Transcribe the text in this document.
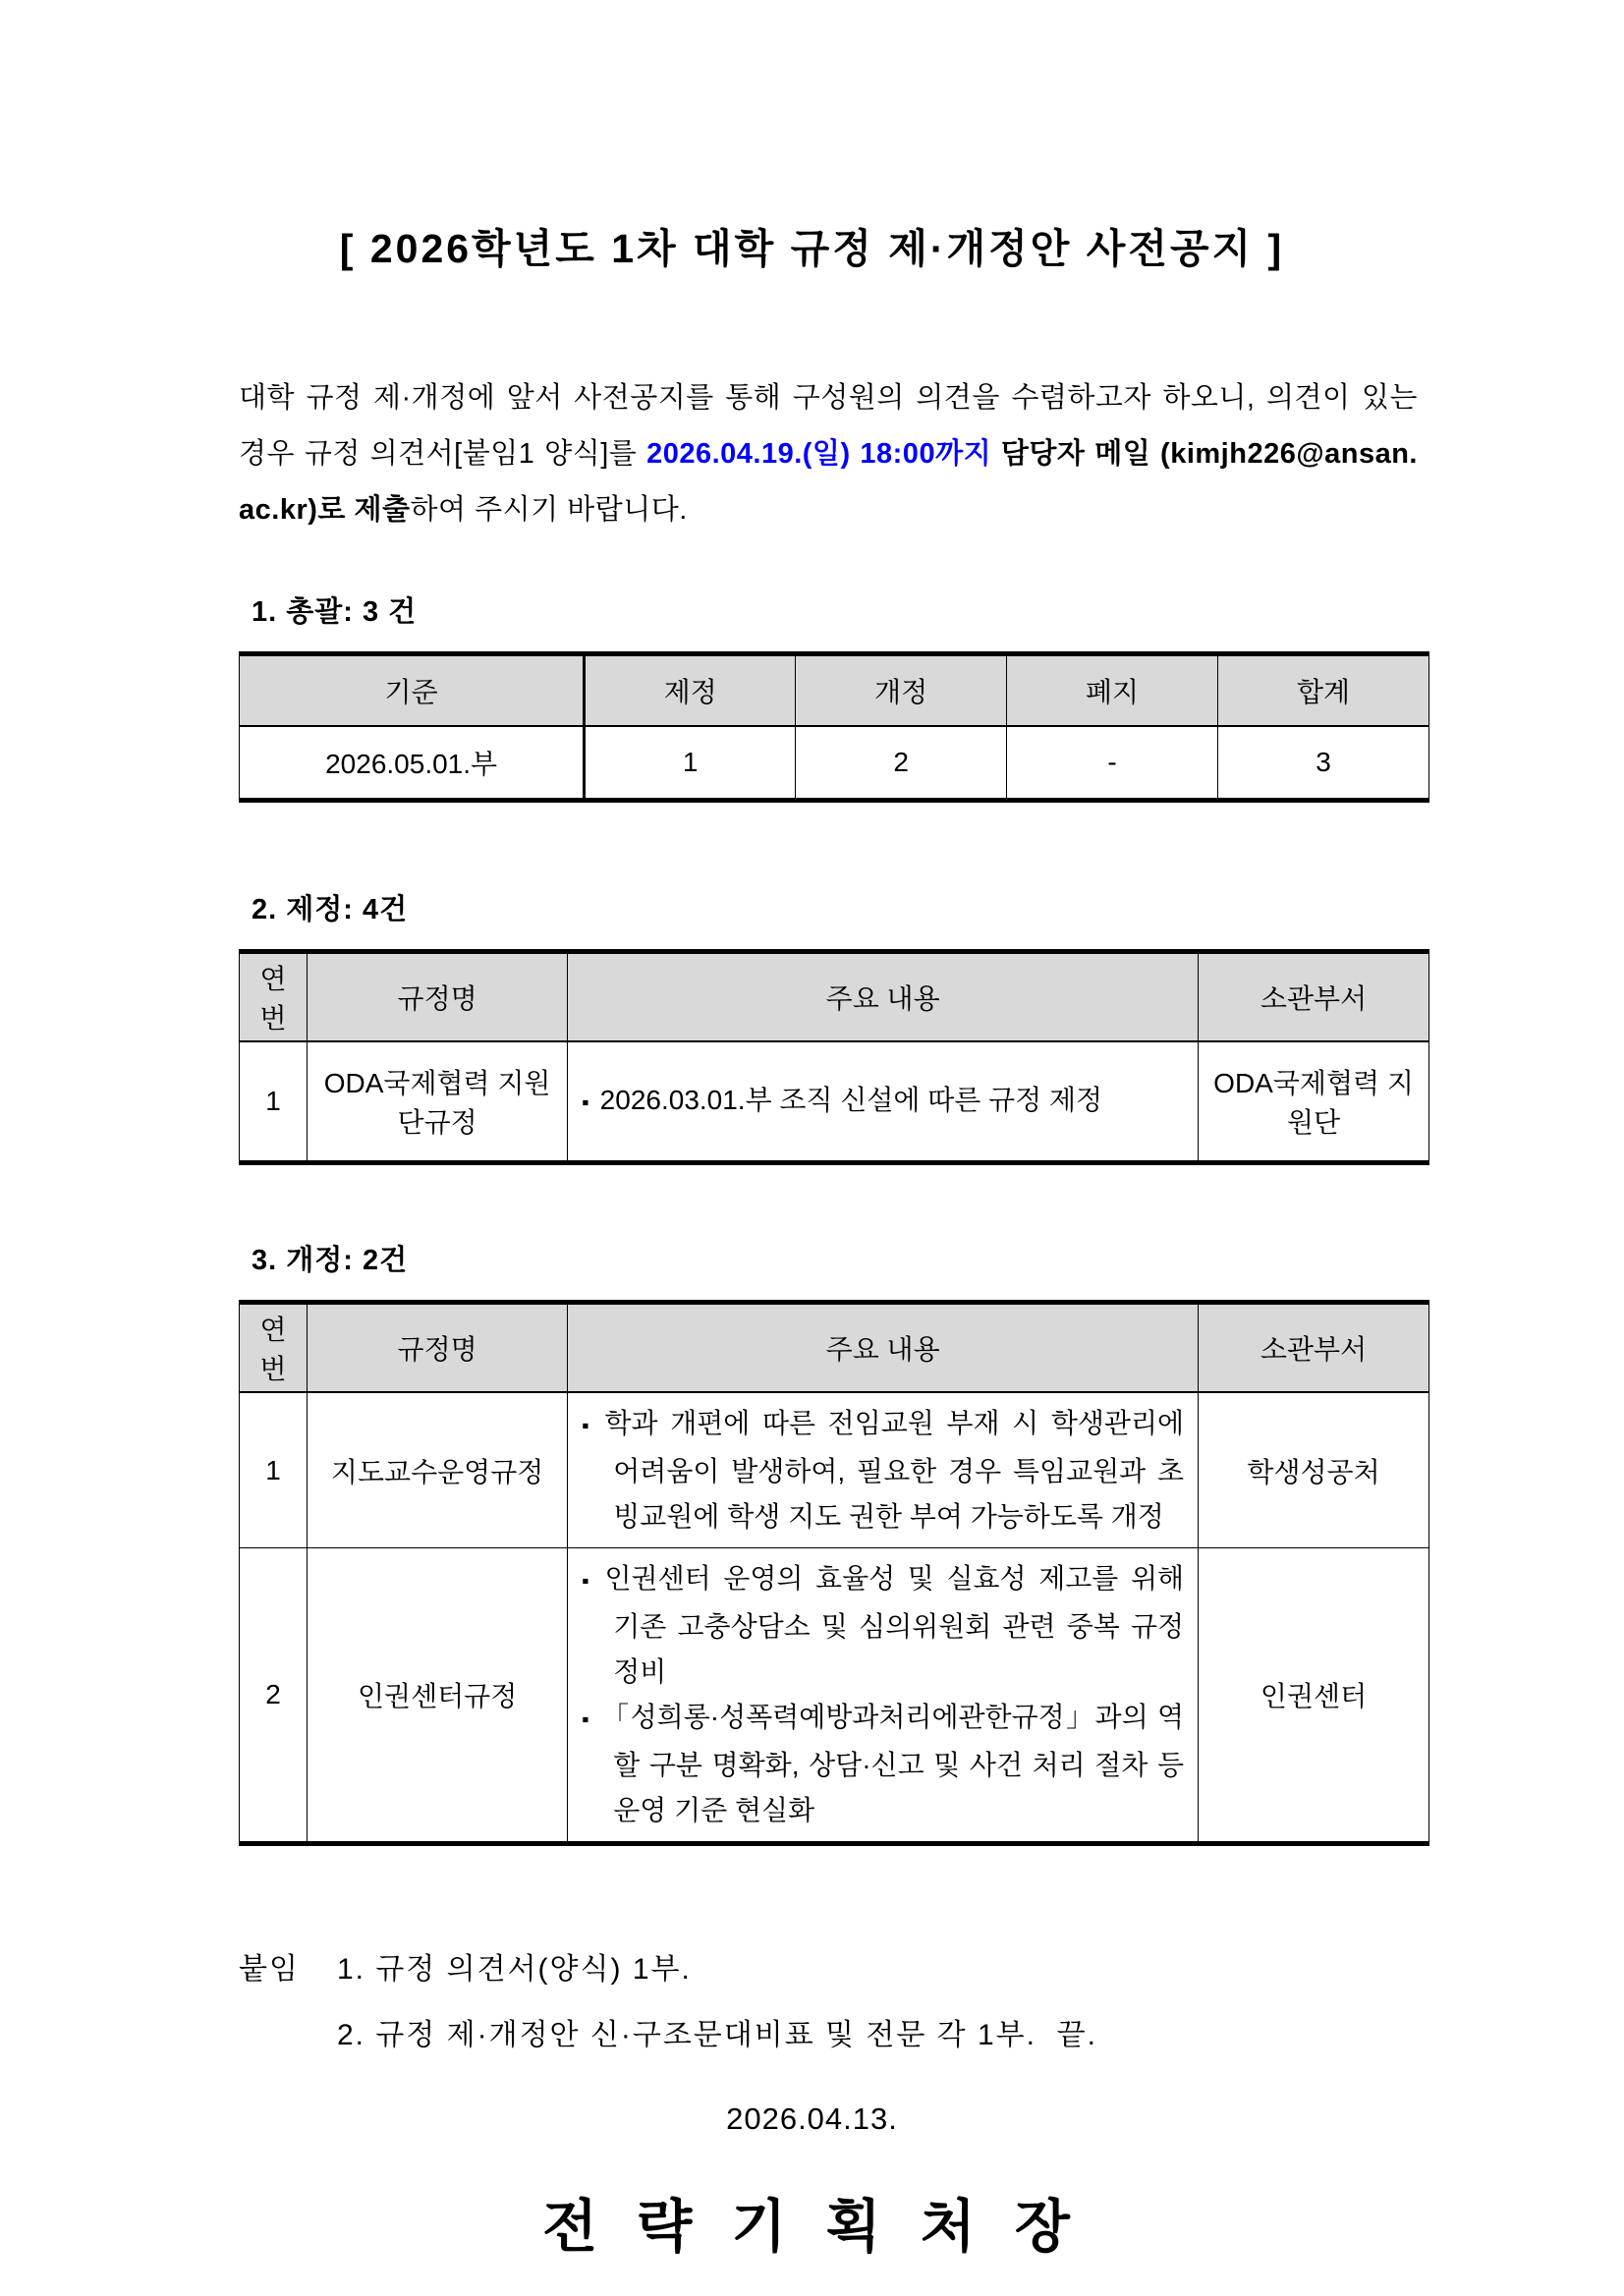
[ 2026학년도 1차 대학 규정 제·개정안 사전공지 ]

대학 규정 제·개정에 앞서 사전공지를 통해 구성원의 의견을 수렴하고자 하오니, 의견이 있는 경우 규정 의견서[붙임1 양식]를 2026.04.19.(일) 18:00까지 담당자 메일 (kimjh226@ansan.ac.kr)로 제출하여 주시기 바랍니다.

1. 총괄: 3 건
기준	제정	개정	폐지	합계
2026.05.01.부	1	2	-	3
2. 제정: 4건
연번	규정명	주요 내용	소관부서
1	ODA국제협력 지원단규정	▪ 2026.03.01.부 조직 신설에 따른 규정 제정	ODA국제협력 지원단
3. 개정: 2건
연번	규정명	주요 내용	소관부서
1	지도교수운영규정	▪ 학과 개편에 따른 전임교원 부재 시 학생관리에 어려움이 발생하여, 필요한 경우 특임교원과 초빙교원에 학생 지도 권한 부여 가능하도록 개정	학생성공처
2	인권센터규정	▪ 인권센터 운영의 효율성 및 실효성 제고를 위해 기존 고충상담소 및 심의위원회 관련 중복 규정 정비
▪ 「성희롱·성폭력예방과처리에관한규정」과의 역할 구분 명확화, 상담·신고 및 사건 처리 절차 등 운영 기준 현실화	인권센터
붙임 1. 규정 의견서(양식) 1부.
2. 규정 제·개정안 신·구조문대비표 및 전문 각 1부.  끝.
2026.04.13.
전 략 기 획 처 장
